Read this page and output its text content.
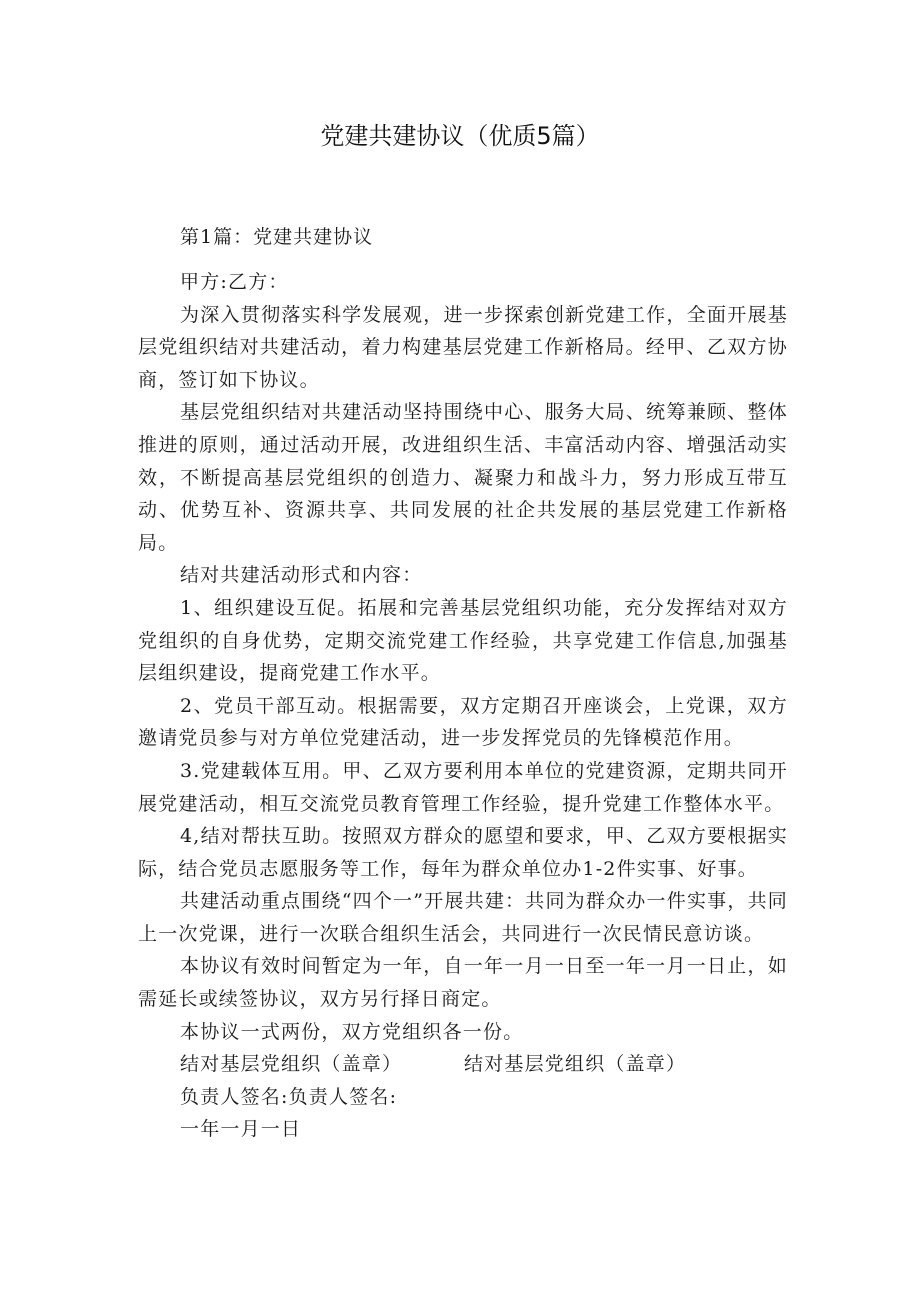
党建共建协议（优质5篇）
第1篇：党建共建协议

甲方:乙方：

为深入贯彻落实科学发展观，进一步探索创新党建工作，全面开展基层党组织结对共建活动，着力构建基层党建工作新格局。经甲、乙双方协商，签订如下协议。

基层党组织结对共建活动坚持围绕中心、服务大局、统筹兼顾、整体推进的原则，通过活动开展，改进组织生活、丰富活动内容、增强活动实效，不断提高基层党组织的创造力、凝聚力和战斗力，努力形成互带互动、优势互补、资源共享、共同发展的社企共发展的基层党建工作新格局。

结对共建活动形式和内容：

1、组织建设互促。拓展和完善基层党组织功能，充分发挥结对双方党组织的自身优势，定期交流党建工作经验，共享党建工作信息,加强基层组织建设，提商党建工作水平。

2、党员干部互动。根据需要，双方定期召开座谈会，上党课，双方邀请党员参与对方单位党建活动，进一步发挥党员的先锋模范作用。

3.党建载体互用。甲、乙双方要利用本单位的党建资源，定期共同开展党建活动，相互交流党员教育管理工作经验，提升党建工作整体水平。

4,结对帮扶互助。按照双方群众的愿望和要求，甲、乙双方要根据实际，结合党员志愿服务等工作，每年为群众单位办1-2件实事、好事。

共建活动重点围绕“四个一”开展共建：共同为群众办一件实事，共同上一次党课，进行一次联合组织生活会，共同进行一次民情民意访谈。

本协议有效时间暂定为一年，自一年一月一日至一年一月一日止，如需延长或续签协议，双方另行择日商定。

本协议一式两份，双方党组织各一份。

结对基层党组织（盖章）	结对基层党组织（盖章）

负责人签名:负责人签名:

一年一月一日
